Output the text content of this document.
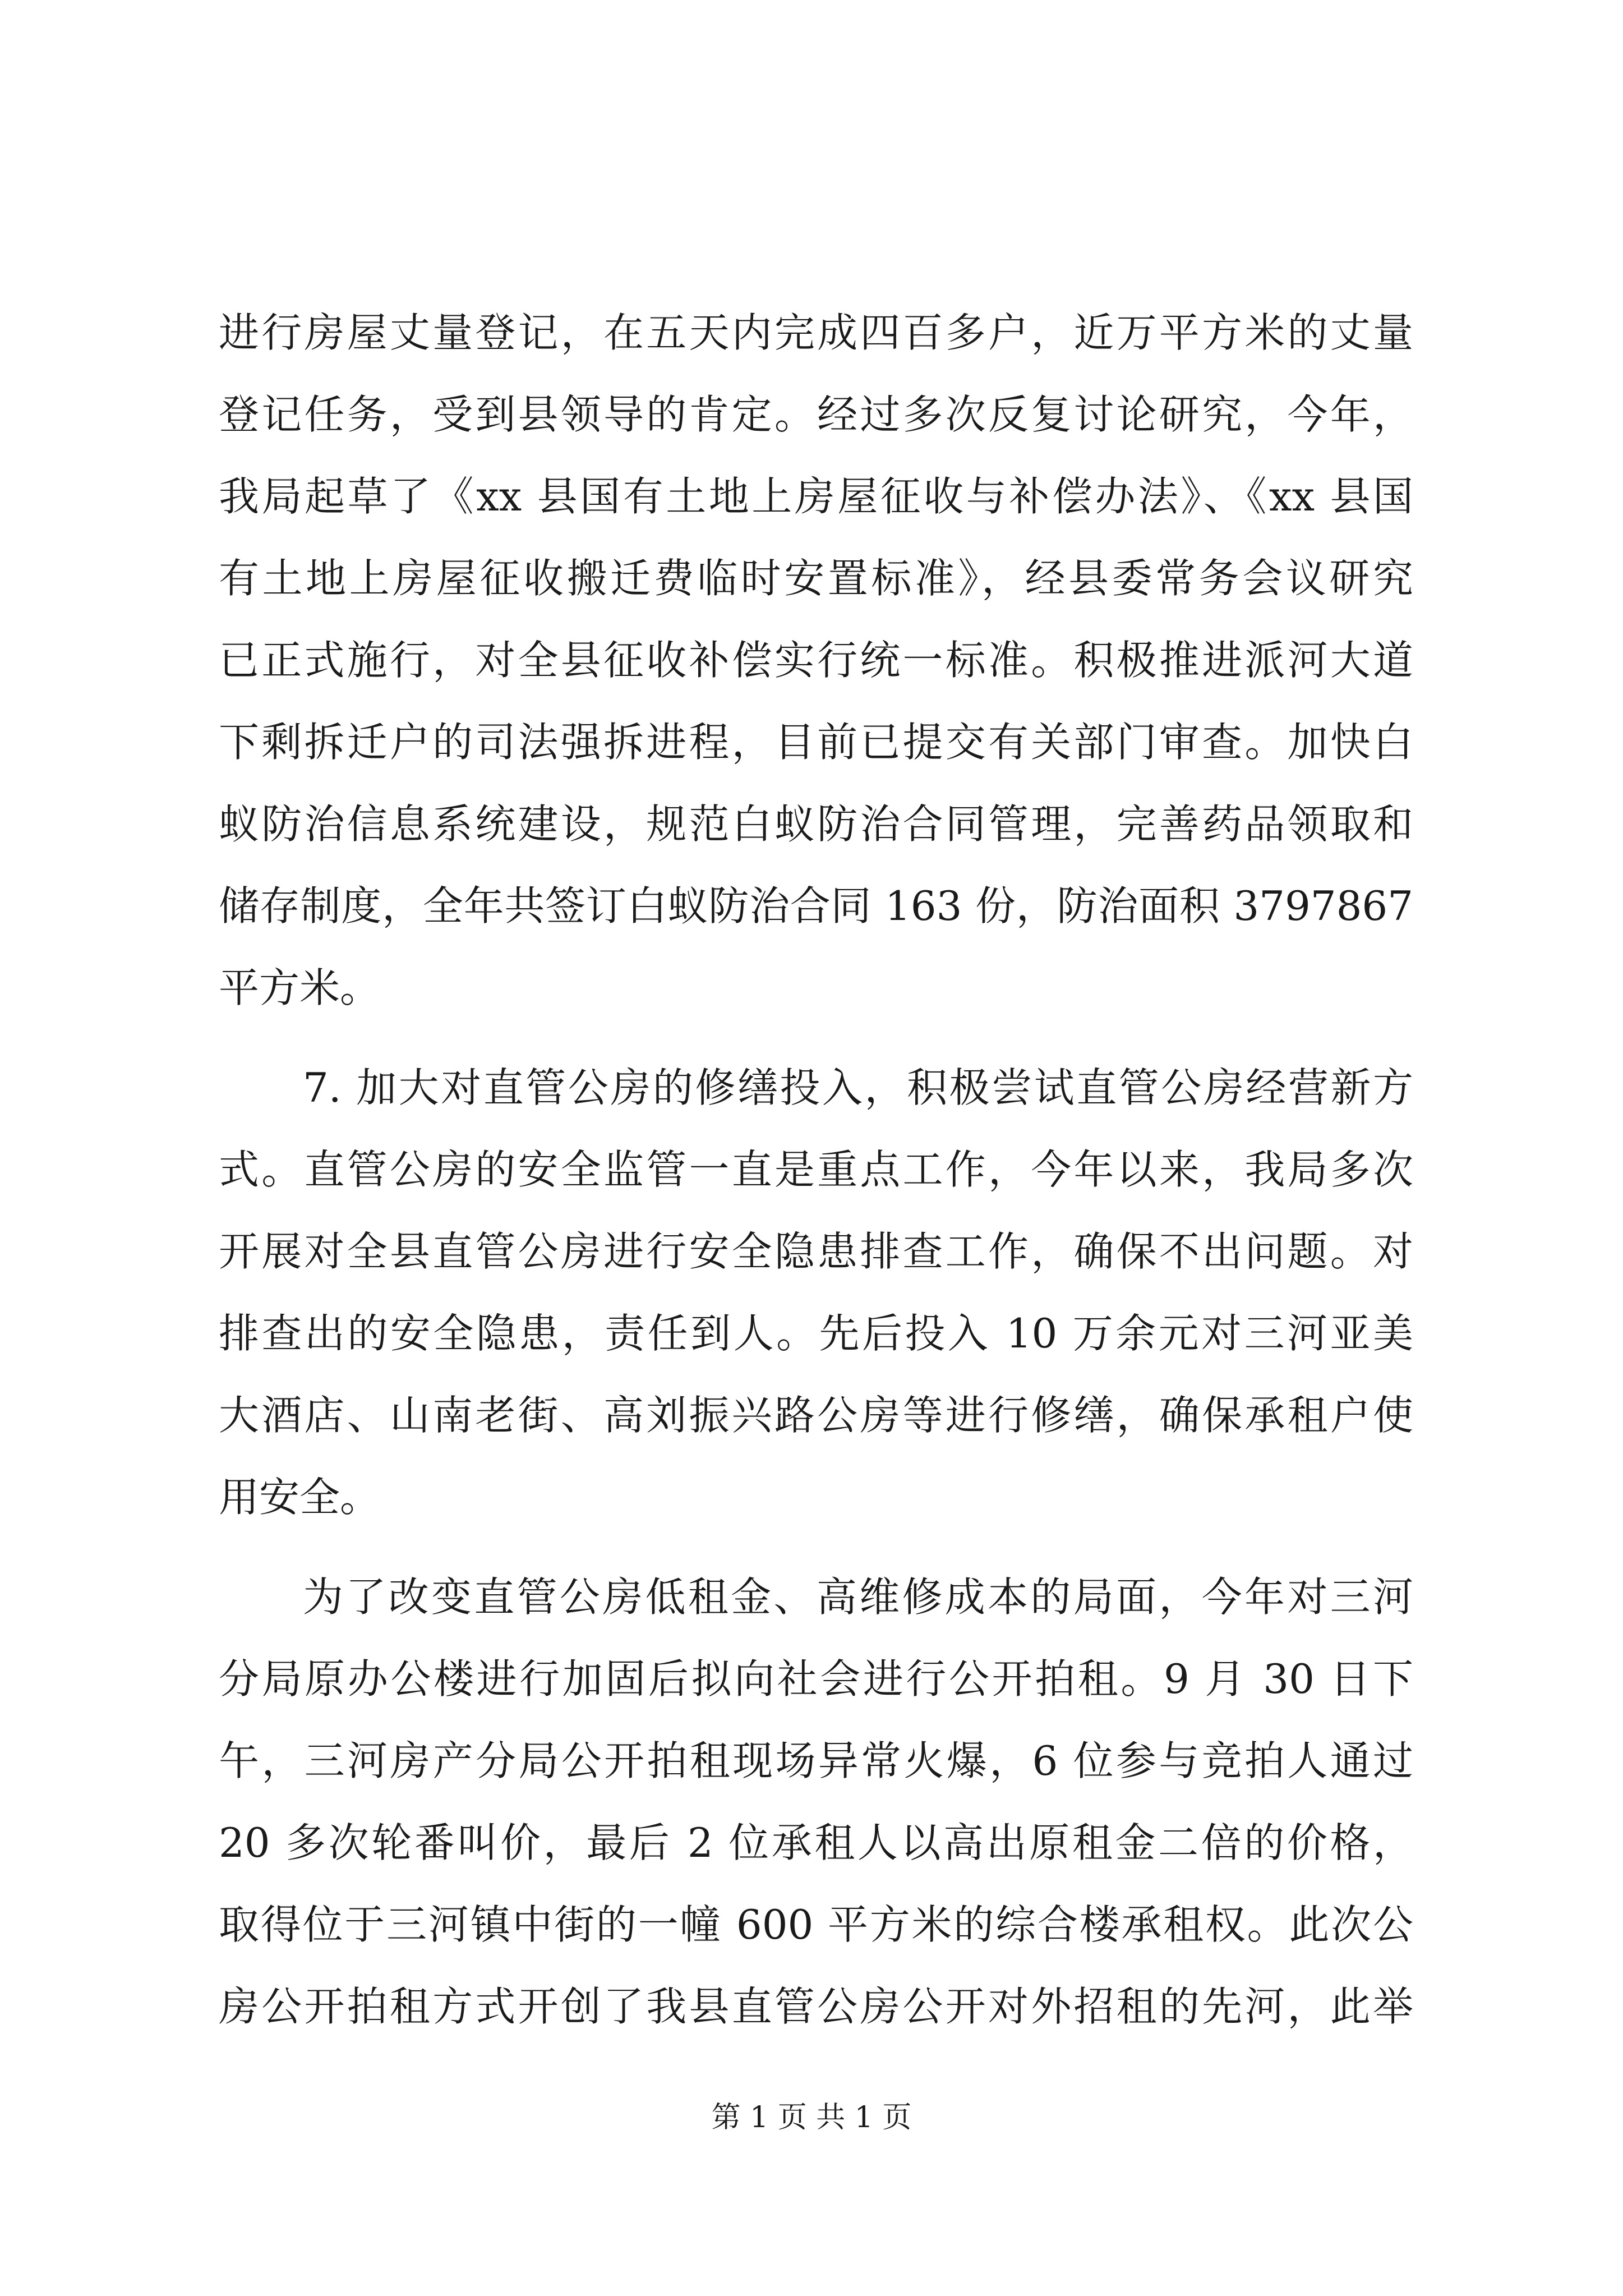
进行房屋丈量登记，在五天内完成四百多户，近万平方米的丈量
登记任务，受到县领导的肯定。经过多次反复讨论研究，今年，
我局起草了《xx 县国有土地上房屋征收与补偿办法》、《xx 县国
有土地上房屋征收搬迁费临时安置标准》，经县委常务会议研究
已正式施行，对全县征收补偿实行统一标准。积极推进派河大道
下剩拆迁户的司法强拆进程，目前已提交有关部门审查。加快白
蚁防治信息系统建设，规范白蚁防治合同管理，完善药品领取和
储存制度，全年共签订白蚁防治合同 163 份，防治面积 3797867
平方米。
7. 加大对直管公房的修缮投入，积极尝试直管公房经营新方
式。直管公房的安全监管一直是重点工作，今年以来，我局多次
开展对全县直管公房进行安全隐患排查工作，确保不出问题。对
排查出的安全隐患，责任到人。先后投入 10 万余元对三河亚美
大酒店、山南老街、高刘振兴路公房等进行修缮，确保承租户使
用安全。
为了改变直管公房低租金、高维修成本的局面，今年对三河
分局原办公楼进行加固后拟向社会进行公开拍租。9 月 30 日下
午，三河房产分局公开拍租现场异常火爆，6 位参与竞拍人通过
20 多次轮番叫价，最后 2 位承租人以高出原租金二倍的价格，
取得位于三河镇中街的一幢 600 平方米的综合楼承租权。此次公
房公开拍租方式开创了我县直管公房公开对外招租的先河，此举
第 1 页 共 1 页
